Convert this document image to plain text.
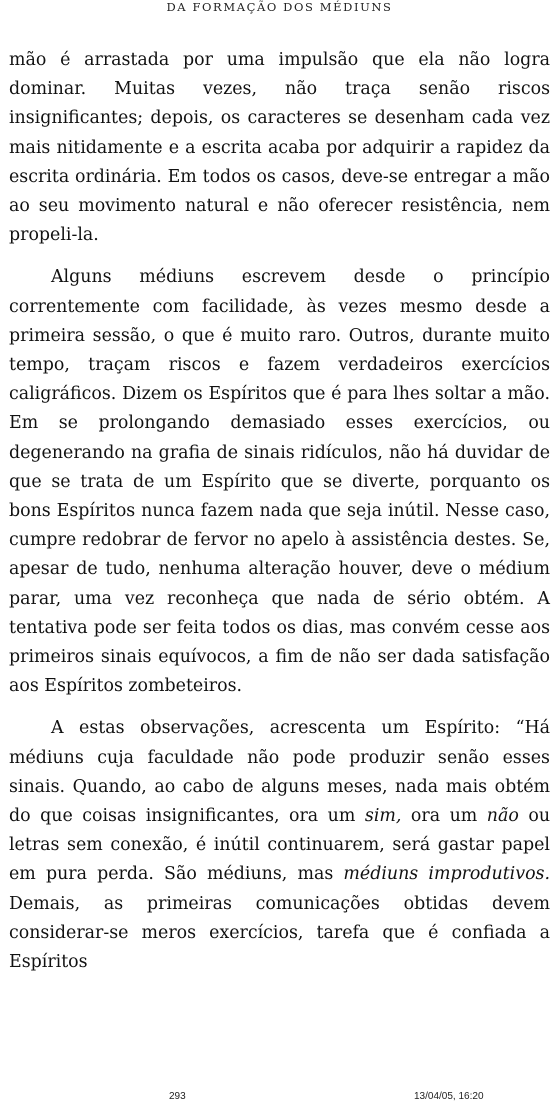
DA FORMAÇÃO DOS MÉDIUNS

mão é arrastada por uma impulsão que ela não logra dominar. Muitas vezes, não traça senão riscos insignificantes; depois, os caracteres se desenham cada vez mais nitidamente e a escrita acaba por adquirir a rapidez da escrita ordinária. Em todos os casos, deve-se entregar a mão ao seu movimento natural e não oferecer resistência, nem propeli-la.

Alguns médiuns escrevem desde o princípio correntemente com facilidade, às vezes mesmo desde a primeira sessão, o que é muito raro. Outros, durante muito tempo, traçam riscos e fazem verdadeiros exercícios caligráficos. Dizem os Espíritos que é para lhes soltar a mão. Em se prolongando demasiado esses exercícios, ou degenerando na grafia de sinais ridículos, não há duvidar de que se trata de um Espírito que se diverte, porquanto os bons Espíritos nunca fazem nada que seja inútil. Nesse caso, cumpre redobrar de fervor no apelo à assistência destes. Se, apesar de tudo, nenhuma alteração houver, deve o médium parar, uma vez reconheça que nada de sério obtém. A tentativa pode ser feita todos os dias, mas convém cesse aos primeiros sinais equívocos, a fim de não ser dada satisfação aos Espíritos zombeteiros.

A estas observações, acrescenta um Espírito: “Há médiuns cuja faculdade não pode produzir senão esses sinais. Quando, ao cabo de alguns meses, nada mais obtém do que coisas insignificantes, ora um sim, ora um não ou letras sem conexão, é inútil continuarem, será gastar papel em pura perda. São médiuns, mas médiuns improdutivos. Demais, as primeiras comunicações obtidas devem considerar-se meros exercícios, tarefa que é confiada a Espíritos

293	13/04/05, 16:20
